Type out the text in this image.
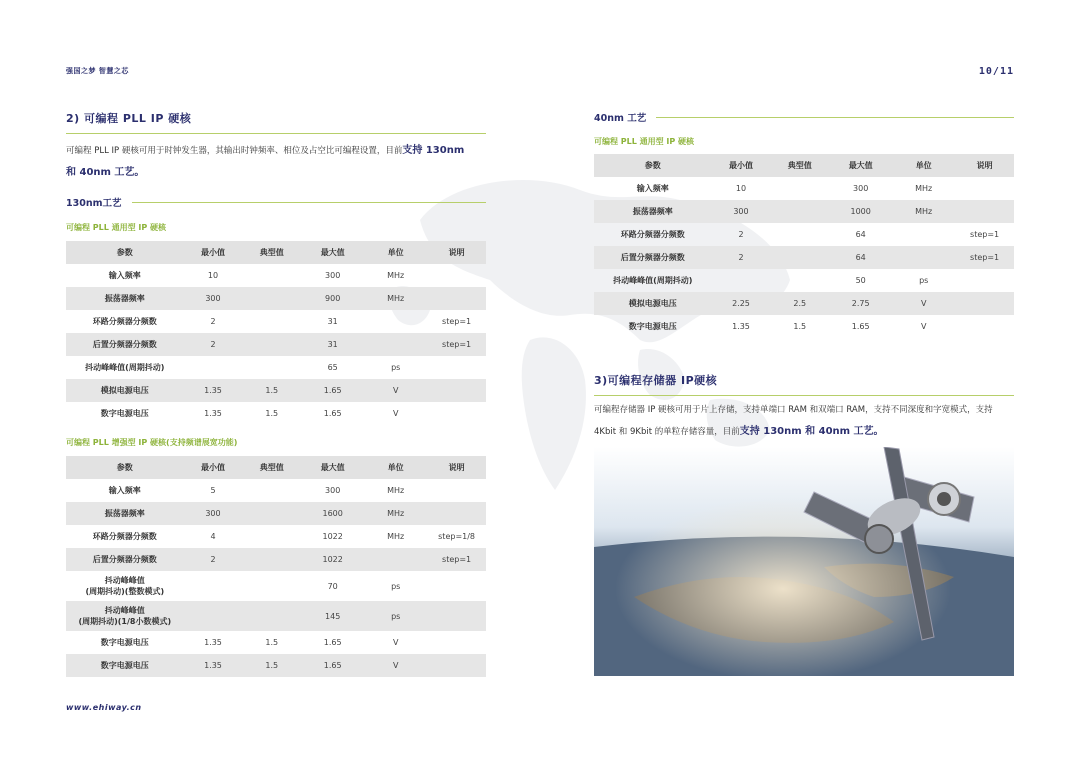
强国之梦 智慧之芯	10/11
www.ehiway.cn
2) 可编程 PLL IP 硬核
可编程 PLL IP 硬核可用于时钟发生器，其输出时钟频率、相位及占空比可编程设置，目前支持 130nm
和 40nm 工艺。
130nm工艺
可编程 PLL 通用型 IP 硬核
参数	最小值	典型值	最大值	单位	说明
输入频率	10		300	MHz	
振荡器频率	300		900	MHz	
环路分频器分频数	2		31		step=1
后置分频器分频数	2		31		step=1
抖动峰峰值(周期抖动)			65	ps	
模拟电源电压	1.35	1.5	1.65	V	
数字电源电压	1.35	1.5	1.65	V	
可编程 PLL 增强型 IP 硬核(支持频谱展宽功能)
参数	最小值	典型值	最大值	单位	说明
输入频率	5		300	MHz	
振荡器频率	300		1600	MHz	
环路分频器分频数	4		1022	MHz	step=1/8
后置分频器分频数	2		1022		step=1
抖动峰峰值
(周期抖动)(整数模式)			70	ps	
抖动峰峰值
(周期抖动)(1/8小数模式)			145	ps	
数字电源电压	1.35	1.5	1.65	V	
数字电源电压	1.35	1.5	1.65	V	
40nm 工艺
可编程 PLL 通用型 IP 硬核
参数	最小值	典型值	最大值	单位	说明
输入频率	10		300	MHz	
振荡器频率	300		1000	MHz	
环路分频器分频数	2		64		step=1
后置分频器分频数	2		64		step=1
抖动峰峰值(周期抖动)			50	ps	
模拟电源电压	2.25	2.5	2.75	V	
数字电源电压	1.35	1.5	1.65	V	
3)可编程存储器 IP硬核
可编程存储器 IP 硬核可用于片上存储，支持单端口 RAM 和双端口 RAM，支持不同深度和字宽模式，支持
4Kbit 和 9Kbit 的单粒存储容量，目前支持 130nm 和 40nm 工艺。
